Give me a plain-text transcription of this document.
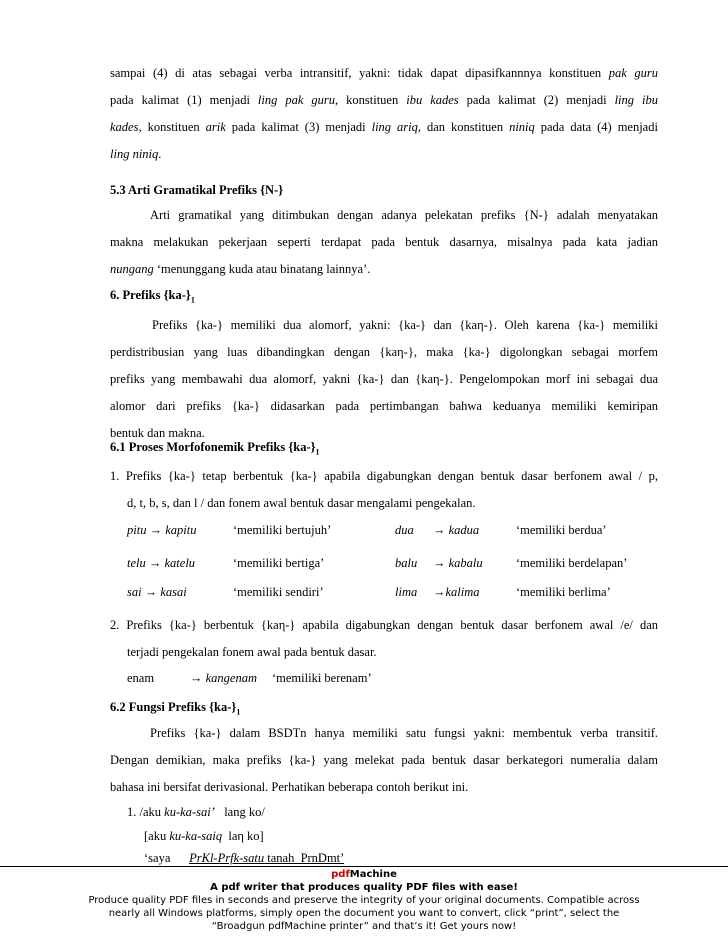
sampai (4) di atas sebagai verba intransitif, yakni: tidak dapat dipasifkannnya konstituen pak guru
pada kalimat (1) menjadi ling pak guru, konstituen ibu kades pada kalimat (2) menjadi ling ibu
kades, konstituen arik pada kalimat (3) menjadi ling ariq, dan konstituen niniq pada data (4) menjadi
ling niniq.
5.3 Arti Gramatikal Prefiks {N-}
Arti gramatikal yang ditimbukan dengan adanya pelekatan prefiks {N-} adalah menyatakan
makna melakukan pekerjaan seperti terdapat pada bentuk dasarnya, misalnya pada kata jadian
nungang ‘menunggang kuda atau binatang lainnya’.
6. Prefiks $\{ka-\}_1$
Prefiks {ka-} memiliki dua alomorf, yakni: {ka-} dan {kaη-}. Oleh karena {ka-} memiliki
perdistribusian yang luas dibandingkan dengan {kaη-}, maka {ka-} digolongkan sebagai morfem
prefiks yang membawahi dua alomorf, yakni {ka-} dan {kaη-}. Pengelompokan morf ini sebagai dua
alomor dari prefiks {ka-} didasarkan pada pertimbangan bahwa keduanya memiliki kemiripan
bentuk dan makna.
6.1 Proses Morfofonemik Prefiks $\{ka-\}_1$
1. Prefiks {ka-} tetap berbentuk {ka-} apabila digabungkan dengan bentuk dasar berfonem awal / p,
d, t, b, s, dan l / dan fonem awal bentuk dasar mengalami pengekalan.
pitu → kapitu	‘memiliki bertujuh’	dua → kadua	‘memiliki berdua’
telu → katelu	‘memiliki bertiga’	balu → kabalu	‘memiliki berdelapan’
sai → kasai	‘memiliki sendiri’	lima →kalima	‘memiliki berlima’
2. Prefiks {ka-} berbentuk {kaη-} apabila digabungkan dengan bentuk dasar berfonem awal /e/ dan
terjadi pengekalan fonem awal pada bentuk dasar.
enam	→ kangenam ‘memiliki berenam’
6.2 Fungsi Prefiks $\{ka-\}_1$
Prefiks {ka-} dalam BSDTn hanya memiliki satu fungsi yakni: membentuk verba transitif.
Dengan demikian, maka prefiks {ka-} yang melekat pada bentuk dasar berkategori numeralia dalam
bahasa ini bersifat derivasional. Perhatikan beberapa contoh berikut ini.
1. /aku ku-ka-sai’   lang ko/
[aku ku-ka-saiq  laη ko]
‘saya      PrKl-Prfk-satu tanah  PrnDmt’
pdfMachine
A pdf writer that produces quality PDF files with ease!
Produce quality PDF files in seconds and preserve the integrity of your original documents. Compatible across
nearly all Windows platforms, simply open the document you want to convert, click “print”, select the
“Broadgun pdfMachine printer” and that’s it! Get yours now!
